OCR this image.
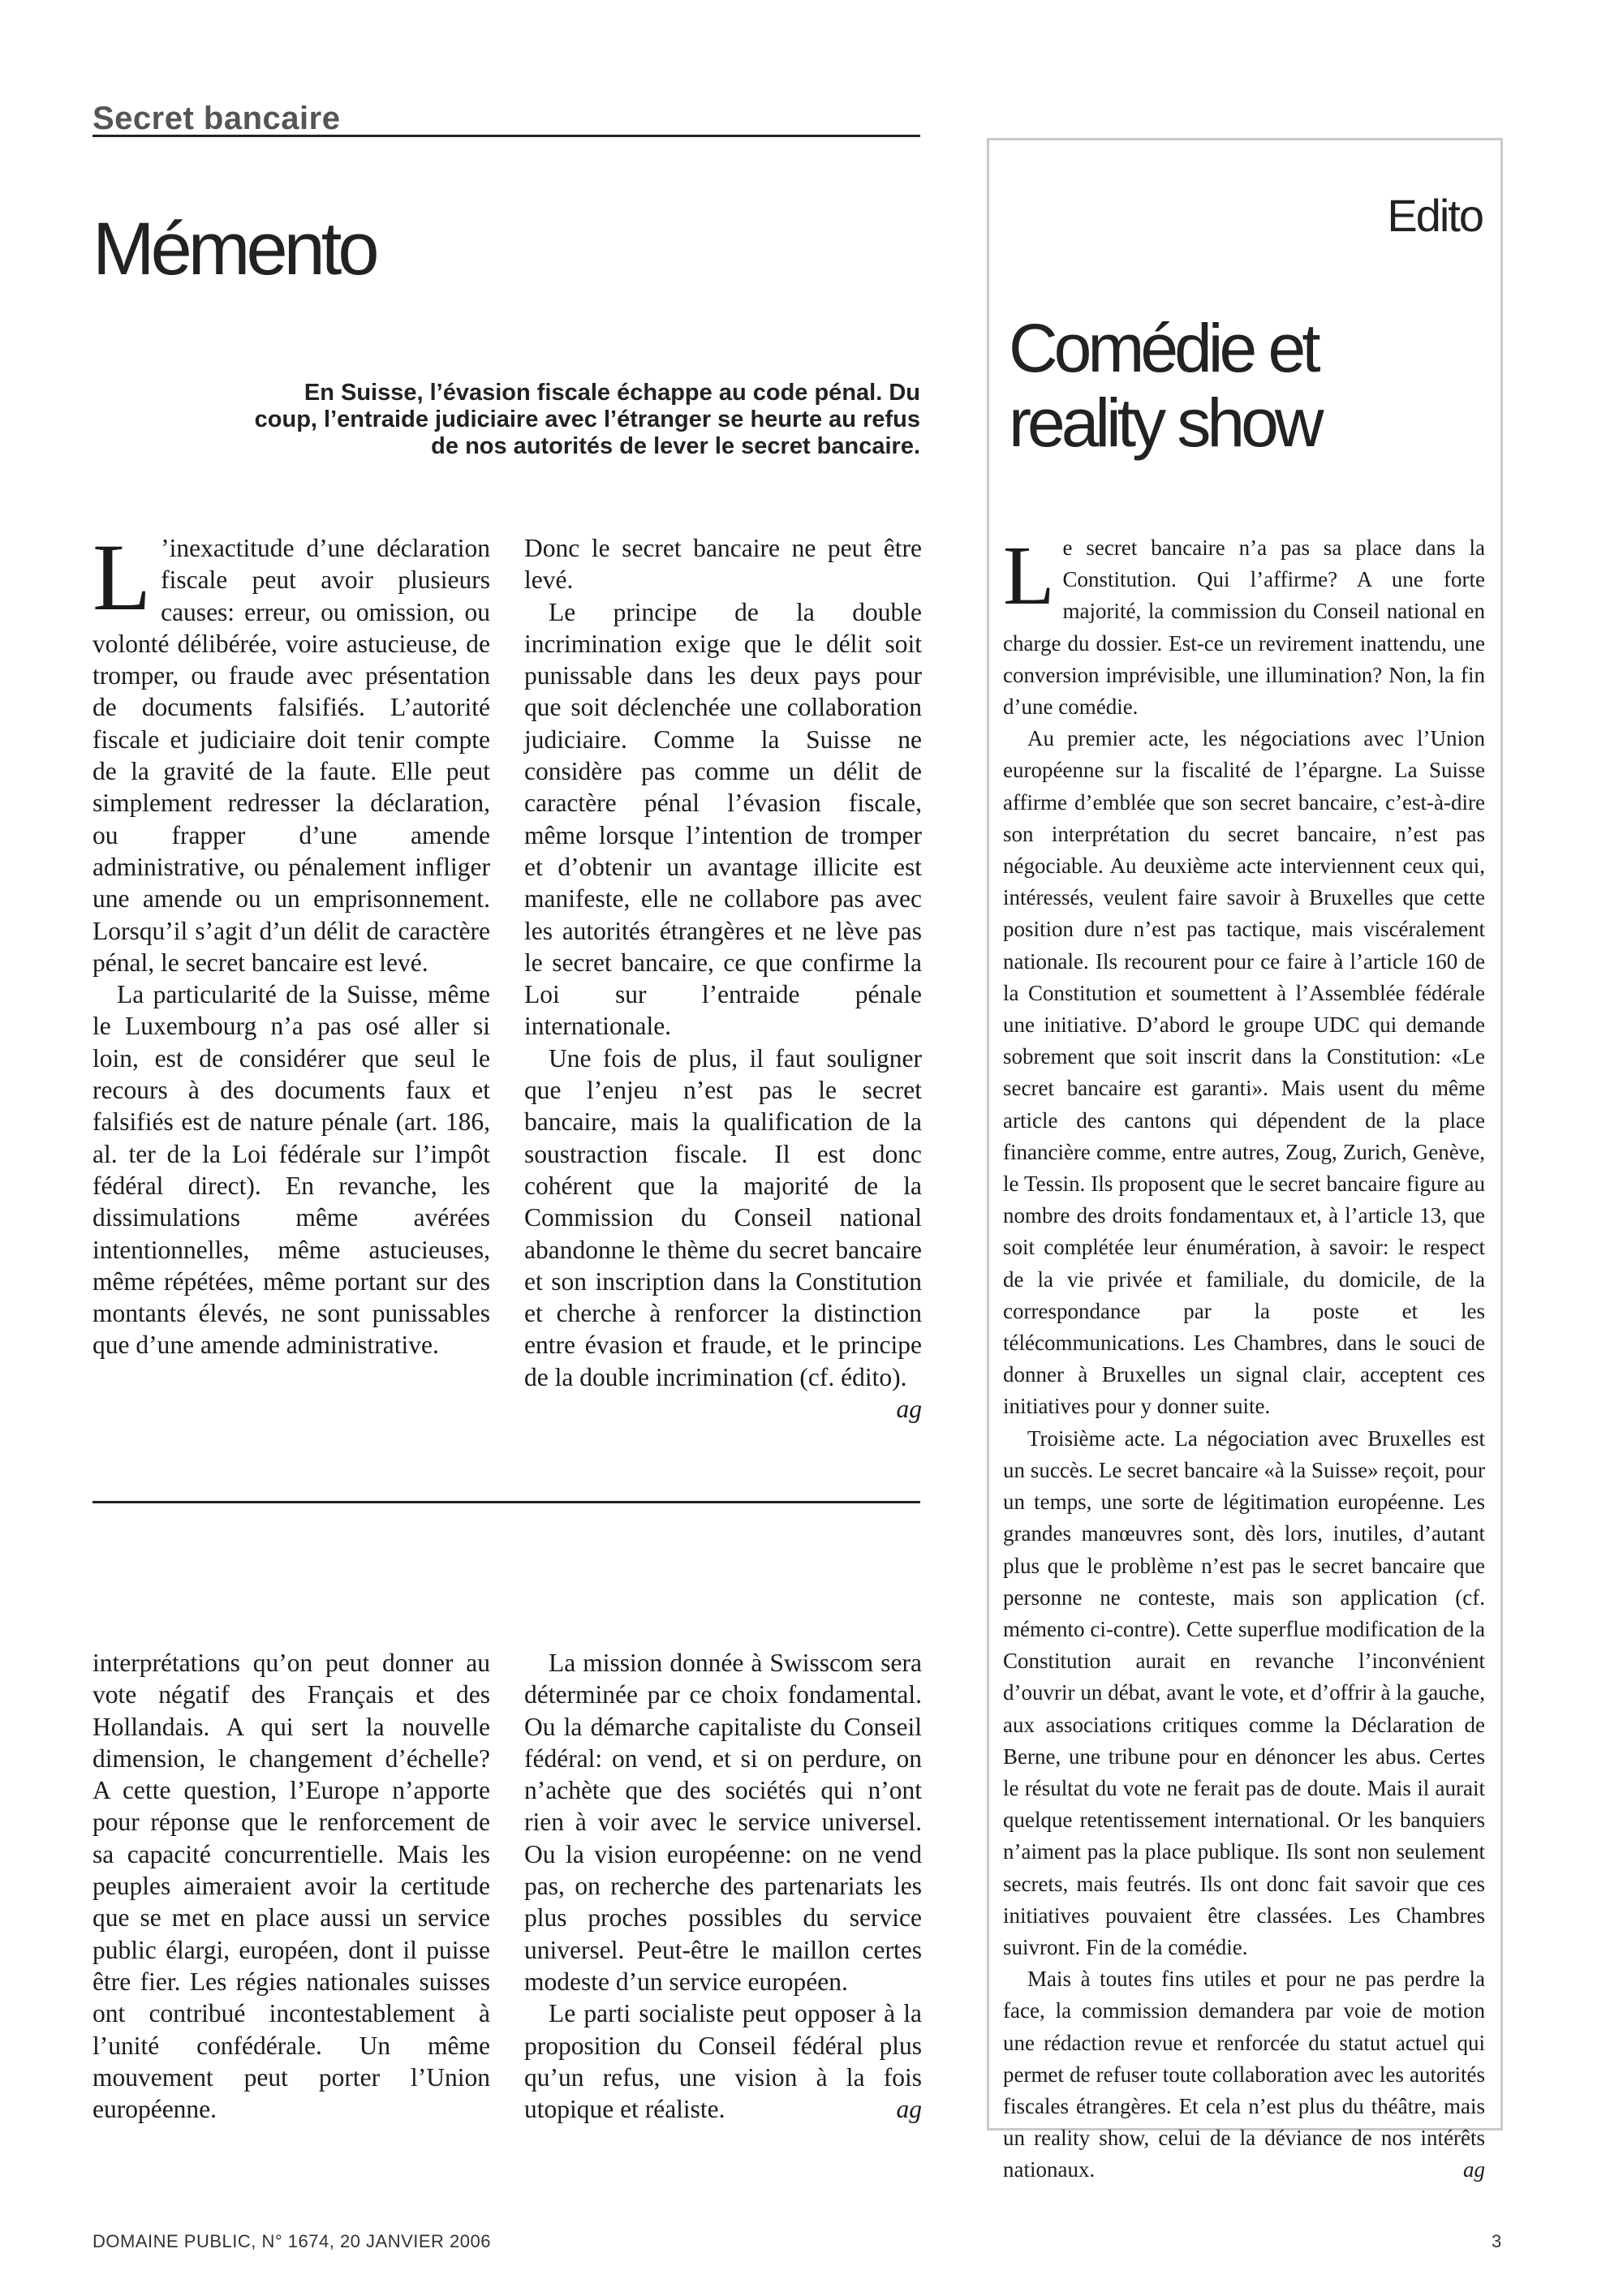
Secret bancaire
Mémento
En Suisse, l’évasion fiscale échappe au code pénal. Du coup, l’entraide judiciaire avec l’étranger se heurte au refus de nos autorités de lever le secret bancaire.

L ’inexactitude d’une déclaration fiscale peut avoir plusieurs causes: erreur, ou omission, ou volonté délibérée, voire astucieuse, de tromper, ou fraude avec présentation de documents falsifiés. L’autorité fiscale et judiciaire doit tenir compte de la gravité de la faute. Elle peut simplement redresser la déclaration, ou frapper d’une amende administrative, ou pénalement infliger une amende ou un emprisonnement. Lorsqu’il s’agit d’un délit de caractère pénal, le secret bancaire est levé.

La particularité de la Suisse, même le Luxembourg n’a pas osé aller si loin, est de considérer que seul le recours à des documents faux et falsifiés est de nature pénale (art. 186, al. ter de la Loi fédérale sur l’impôt fédéral direct). En revanche, les dissimulations même avérées intentionnelles, même astucieuses, même répétées, même portant sur des montants élevés, ne sont punissables que d’une amende administrative.

Donc le secret bancaire ne peut être levé.

Le principe de la double incrimination exige que le délit soit punissable dans les deux pays pour que soit déclenchée une collaboration judiciaire. Comme la Suisse ne considère pas comme un délit de caractère pénal l’évasion fiscale, même lorsque l’intention de tromper et d’obtenir un avantage illicite est manifeste, elle ne collabore pas avec les autorités étrangères et ne lève pas le secret bancaire, ce que confirme la Loi sur l’entraide pénale internationale.

Une fois de plus, il faut souligner que l’enjeu n’est pas le secret bancaire, mais la qualification de la soustraction fiscale. Il est donc cohérent que la majorité de la Commission du Conseil national abandonne le thème du secret bancaire et son inscription dans la Constitution et cherche à renforcer la distinction entre évasion et fraude, et le principe de la double incrimination (cf. édito).
ag

interprétations qu’on peut donner au vote négatif des Français et des Hollandais. A qui sert la nouvelle dimension, le changement d’échelle? A cette question, l’Europe n’apporte pour réponse que le renforcement de sa capacité concurrentielle. Mais les peuples aimeraient avoir la certitude que se met en place aussi un service public élargi, européen, dont il puisse être fier. Les régies nationales suisses ont contribué incontestablement à l’unité confédérale. Un même mouvement peut porter l’Union européenne.

La mission donnée à Swisscom sera déterminée par ce choix fondamental. Ou la démarche capitaliste du Conseil fédéral: on vend, et si on perdure, on n’achète que des sociétés qui n’ont rien à voir avec le service universel. Ou la vision européenne: on ne vend pas, on recherche des partenariats les plus proches possibles du service universel. Peut-être le maillon certes modeste d’un service européen.

Le parti socialiste peut opposer à la proposition du Conseil fédéral plus qu’un refus, une vision à la fois utopique et réaliste.	ag

Edito
Comédie et reality show

Le secret bancaire n’a pas sa place dans la Constitution. Qui l’affirme? A une forte majorité, la commission du Conseil national en charge du dossier. Est-ce un revirement inattendu, une conversion imprévisible, une illumination? Non, la fin d’une comédie.

Au premier acte, les négociations avec l’Union européenne sur la fiscalité de l’épargne. La Suisse affirme d’emblée que son secret bancaire, c’est-à-dire son interprétation du secret bancaire, n’est pas négociable. Au deuxième acte interviennent ceux qui, intéressés, veulent faire savoir à Bruxelles que cette position dure n’est pas tactique, mais viscéralement nationale. Ils recourent pour ce faire à l’article 160 de la Constitution et soumettent à l’Assemblée fédérale une initiative. D’abord le groupe UDC qui demande sobrement que soit inscrit dans la Constitution: «Le secret bancaire est garanti». Mais usent du même article des cantons qui dépendent de la place financière comme, entre autres, Zoug, Zurich, Genève, le Tessin. Ils proposent que le secret bancaire figure au nombre des droits fondamentaux et, à l’article 13, que soit complétée leur énumération, à savoir: le respect de la vie privée et familiale, du domicile, de la correspondance par la poste et les télécommunications. Les Chambres, dans le souci de donner à Bruxelles un signal clair, acceptent ces initiatives pour y donner suite.

Troisième acte. La négociation avec Bruxelles est un succès. Le secret bancaire «à la Suisse» reçoit, pour un temps, une sorte de légitimation européenne. Les grandes manœuvres sont, dès lors, inutiles, d’autant plus que le problème n’est pas le secret bancaire que personne ne conteste, mais son application (cf. mémento ci-contre). Cette superflue modification de la Constitution aurait en revanche l’inconvénient d’ouvrir un débat, avant le vote, et d’offrir à la gauche, aux associations critiques comme la Déclaration de Berne, une tribune pour en dénoncer les abus. Certes le résultat du vote ne ferait pas de doute. Mais il aurait quelque retentissement international. Or les banquiers n’aiment pas la place publique. Ils sont non seulement secrets, mais feutrés. Ils ont donc fait savoir que ces initiatives pouvaient être classées. Les Chambres suivront. Fin de la comédie.

Mais à toutes fins utiles et pour ne pas perdre la face, la commission demandera par voie de motion une rédaction revue et renforcée du statut actuel qui permet de refuser toute collaboration avec les autorités fiscales étrangères. Et cela n’est plus du théâtre, mais un reality show, celui de la déviance de nos intérêts nationaux.	ag

DOMAINE PUBLIC, N° 1674, 20 JANVIER 2006	3
